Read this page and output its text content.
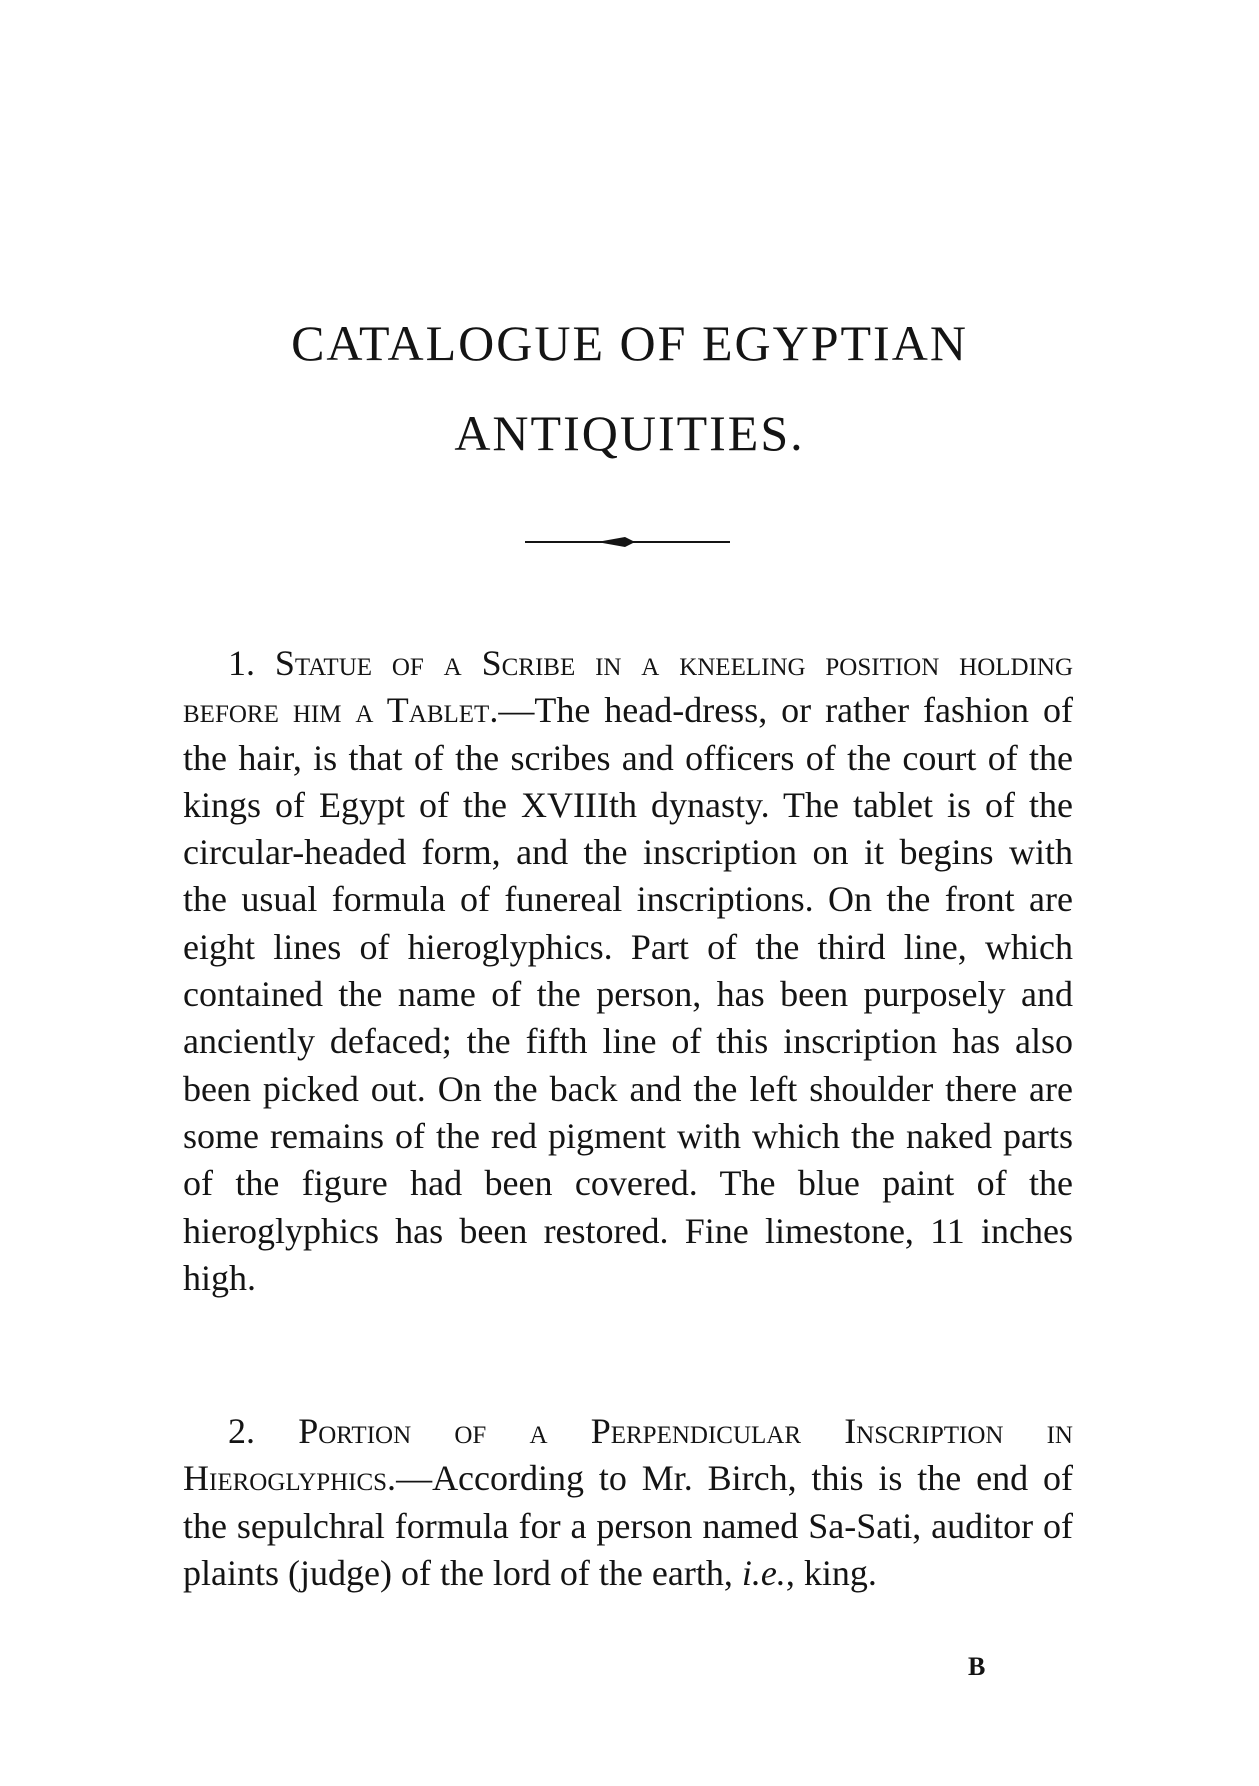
CATALOGUE OF EGYPTIAN
ANTIQUITIES.

1. Statue of a Scribe in a kneeling position holding before him a Tablet.—The head-dress, or rather fashion of the hair, is that of the scribes and officers of the court of the kings of Egypt of the XVIIIth dynasty. The tablet is of the circular-headed form, and the inscription on it begins with the usual formula of funereal inscriptions. On the front are eight lines of hieroglyphics. Part of the third line, which contained the name of the person, has been purposely and anciently defaced; the fifth line of this inscription has also been picked out. On the back and the left shoulder there are some remains of the red pigment with which the naked parts of the figure had been covered. The blue paint of the hieroglyphics has been restored. Fine limestone, 11 inches high.

2. Portion of a Perpendicular Inscription in Hieroglyphics.—According to Mr. Birch, this is the end of the sepulchral formula for a person named Sa-Sati, auditor of plaints (judge) of the lord of the earth, i.e., king.

B
